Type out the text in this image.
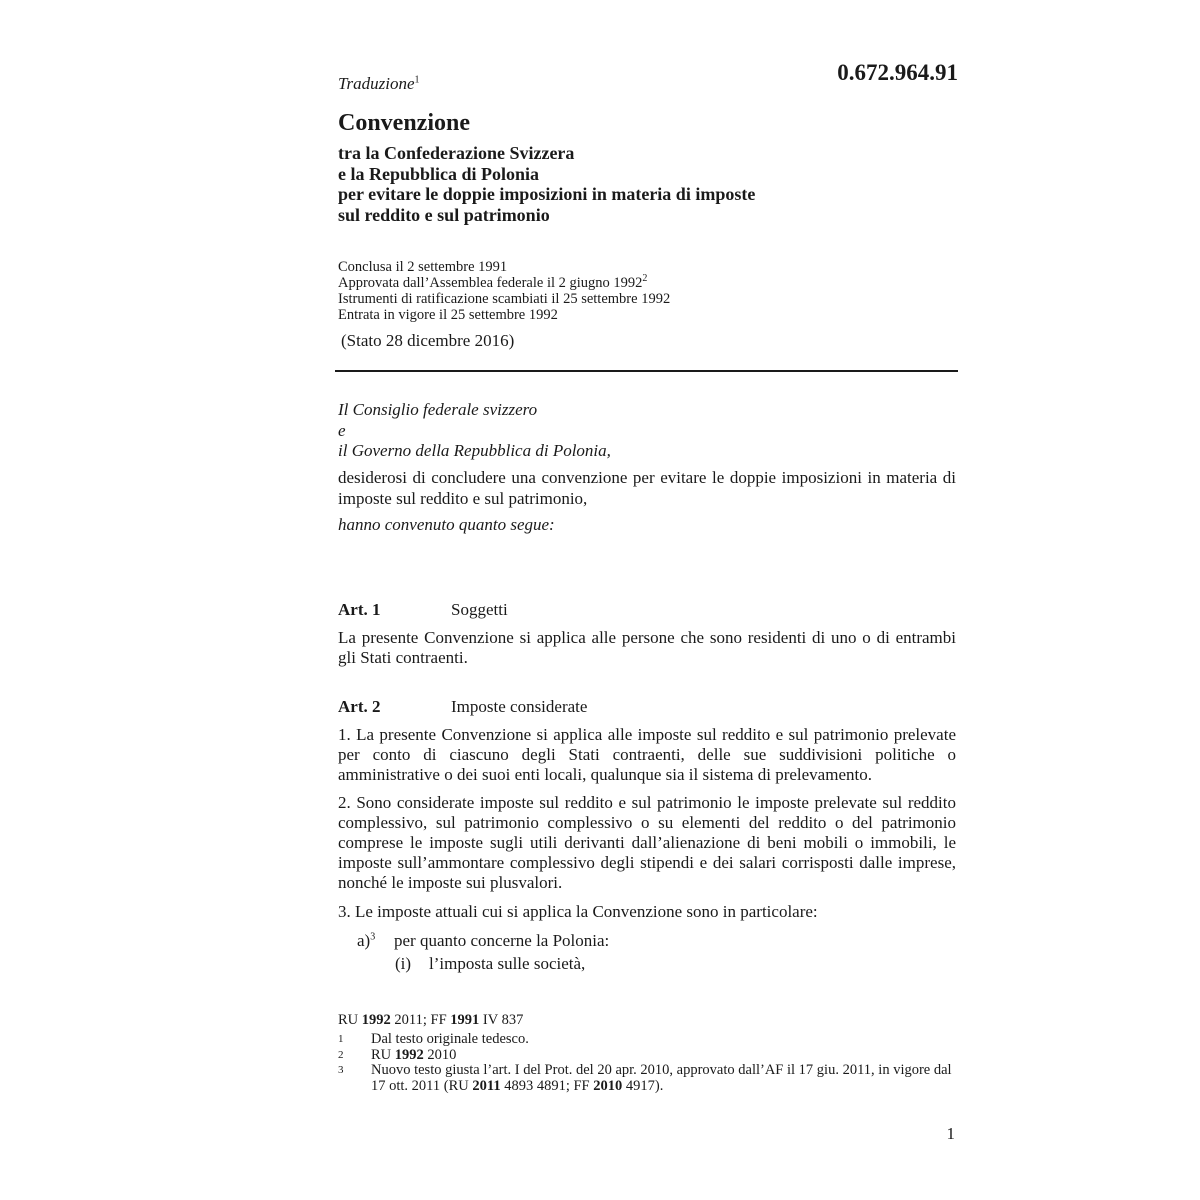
0.672.964.91
Traduzione$^1$
Convenzione
tra la Confederazione Svizzera
e la Repubblica di Polonia
per evitare le doppie imposizioni in materia di imposte
sul reddito e sul patrimonio
Conclusa il 2 settembre 1991
Approvata dall’Assemblea federale il 2 giugno 1992$^2$
Istrumenti di ratificazione scambiati il 25 settembre 1992
Entrata in vigore il 25 settembre 1992
(Stato 28 dicembre 2016)
Il Consiglio federale svizzero
e
il Governo della Repubblica di Polonia,
desiderosi di concludere una convenzione per evitare le doppie imposizioni in materia di imposte sul reddito e sul patrimonio,
hanno convenuto quanto segue:
Art. 1	Soggetti
La presente Convenzione si applica alle persone che sono residenti di uno o di entrambi gli Stati contraenti.
Art. 2	Imposte considerate
1. La presente Convenzione si applica alle imposte sul reddito e sul patrimonio prelevate per conto di ciascuno degli Stati contraenti, delle sue suddivisioni politiche o amministrative o dei suoi enti locali, qualunque sia il sistema di prelevamento.
2. Sono considerate imposte sul reddito e sul patrimonio le imposte prelevate sul reddito complessivo, sul patrimonio complessivo o su elementi del reddito o del patrimonio comprese le imposte sugli utili derivanti dall’alienazione di beni mobili o immobili, le imposte sull’ammontare complessivo degli stipendi e dei salari corrisposti dalle imprese, nonché le imposte sui plusvalori.
3. Le imposte attuali cui si applica la Convenzione sono in particolare:
a)$^3$ per quanto concerne la Polonia:
(i) l’imposta sulle società,
RU 1992 2011; FF 1991 IV 837
1	Dal testo originale tedesco.
2	RU 1992 2010
3	Nuovo testo giusta l’art. I del Prot. del 20 apr. 2010, approvato dall’AF il 17 giu. 2011, in vigore dal 17 ott. 2011 (RU 2011 4893 4891; FF 2010 4917).
1
